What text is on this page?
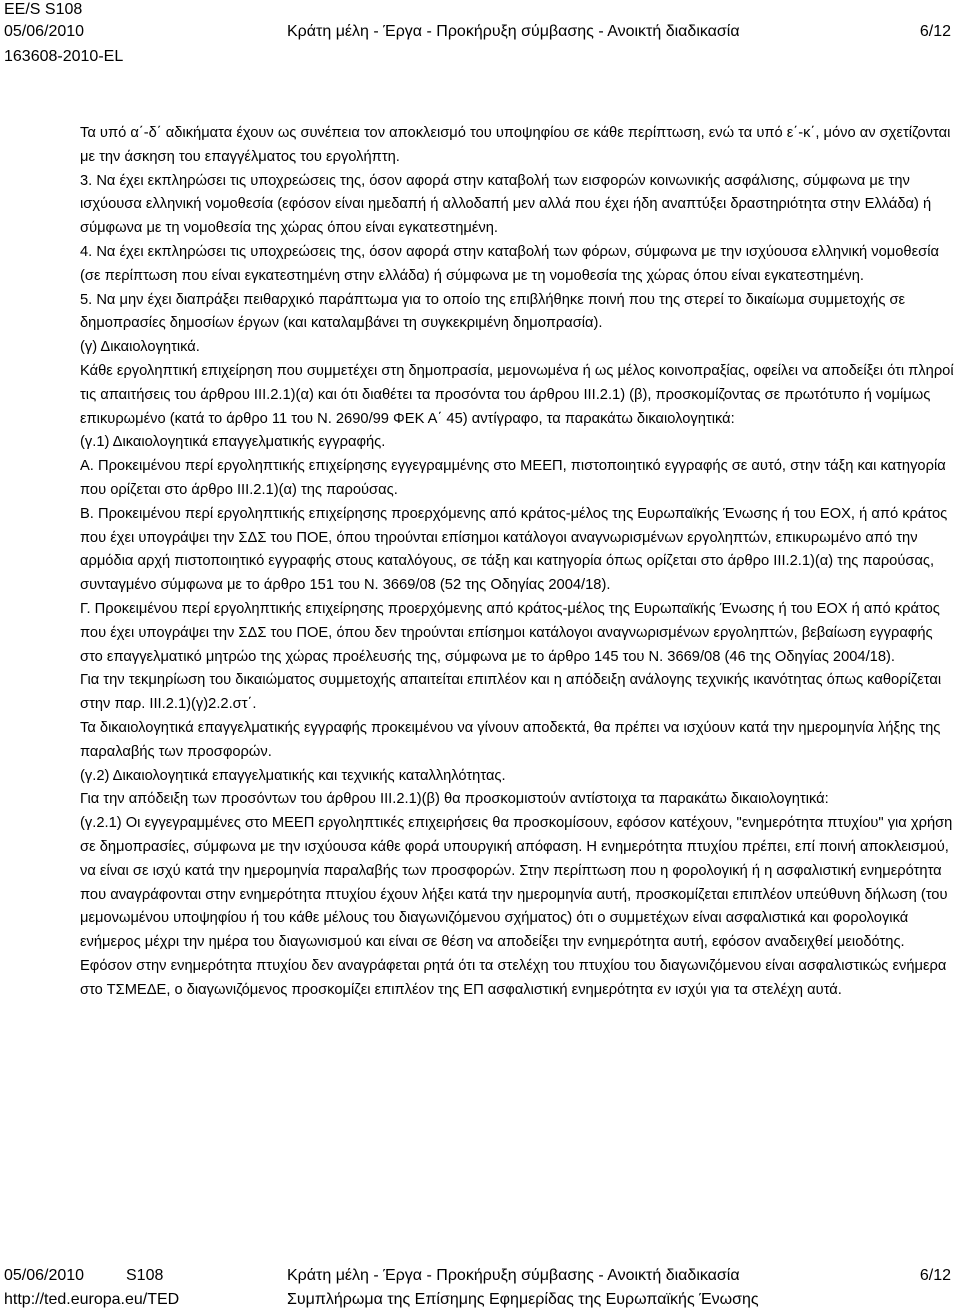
EE/S S108
05/06/2010
163608-2010-EL
Κράτη μέλη - Έργα - Προκήρυξη σύμβασης - Ανοικτή διαδικασία	6/12

Τα υπό α΄-δ΄ αδικήματα έχουν ως συνέπεια τον αποκλεισμό του υποψηφίου σε κάθε περίπτωση, ενώ τα υπό ε΄-κ΄, μόνο αν σχετίζονται με την άσκηση του επαγγέλματος του εργολήπτη.

3. Να έχει εκπληρώσει τις υποχρεώσεις της, όσον αφορά στην καταβολή των εισφορών κοινωνικής ασφάλισης, σύμφωνα με την ισχύουσα ελληνική νομοθεσία (εφόσον είναι ημεδαπή ή αλλοδαπή μεν αλλά που έχει ήδη αναπτύξει δραστηριότητα στην Ελλάδα) ή σύμφωνα με τη νομοθεσία της χώρας όπου είναι εγκατεστημένη.

4. Να έχει εκπληρώσει τις υποχρεώσεις της, όσον αφορά στην καταβολή των φόρων, σύμφωνα με την ισχύουσα ελληνική νομοθεσία (σε περίπτωση που είναι εγκατεστημένη στην ελλάδα) ή σύμφωνα με τη νομοθεσία της χώρας όπου είναι εγκατεστημένη.

5. Να μην έχει διαπράξει πειθαρχικό παράπτωμα για το οποίο της επιβλήθηκε ποινή που της στερεί το δικαίωμα συμμετοχής σε δημοπρασίες δημοσίων έργων (και καταλαμβάνει τη συγκεκριμένη δημοπρασία).

(γ) Δικαιολογητικά.

Κάθε εργοληπτική επιχείρηση που συμμετέχει στη δημοπρασία, μεμονωμένα ή ως μέλος κοινοπραξίας, οφείλει να αποδείξει ότι πληροί τις απαιτήσεις του άρθρου ΙΙΙ.2.1)(α) και ότι διαθέτει τα προσόντα του άρθρου ΙΙΙ.2.1) (β), προσκομίζοντας σε πρωτότυπο ή νομίμως επικυρωμένο (κατά το άρθρο 11 του Ν. 2690/99 ΦΕΚ Α΄ 45) αντίγραφο, τα παρακάτω δικαιολογητικά:

(γ.1) Δικαιολογητικά επαγγελματικής εγγραφής.

Α. Προκειμένου περί εργοληπτικής επιχείρησης εγγεγραμμένης στο ΜΕΕΠ, πιστοποιητικό εγγραφής σε αυτό, στην τάξη και κατηγορία που ορίζεται στο άρθρο ΙΙΙ.2.1)(α) της παρούσας.

Β. Προκειμένου περί εργοληπτικής επιχείρησης προερχόμενης από κράτος-μέλος της Ευρωπαϊκής Ένωσης ή του ΕΟΧ, ή από κράτος που έχει υπογράψει την ΣΔΣ του ΠΟΕ, όπου τηρούνται επίσημοι κατάλογοι αναγνωρισμένων εργοληπτών, επικυρωμένο από την αρμόδια αρχή πιστοποιητικό εγγραφής στους καταλόγους, σε τάξη και κατηγορία όπως ορίζεται στο άρθρο ΙΙΙ.2.1)(α) της παρούσας, συνταγμένο σύμφωνα με το άρθρο 151 του Ν. 3669/08 (52 της Οδηγίας 2004/18).

Γ. Προκειμένου περί εργοληπτικής επιχείρησης προερχόμενης από κράτος-μέλος της Ευρωπαϊκής Ένωσης ή του ΕΟΧ ή από κράτος που έχει υπογράψει την ΣΔΣ του ΠΟΕ, όπου δεν τηρούνται επίσημοι κατάλογοι αναγνωρισμένων εργοληπτών, βεβαίωση εγγραφής στο επαγγελματικό μητρώο της χώρας προέλευσής της, σύμφωνα με το άρθρο 145 του Ν. 3669/08 (46 της Οδηγίας 2004/18).

Για την τεκμηρίωση του δικαιώματος συμμετοχής απαιτείται επιπλέον και η απόδειξη ανάλογης τεχνικής ικανότητας όπως καθορίζεται στην παρ. ΙΙΙ.2.1)(γ)2.2.στ΄.

Τα δικαιολογητικά επαγγελματικής εγγραφής προκειμένου να γίνουν αποδεκτά, θα πρέπει να ισχύουν κατά την ημερομηνία λήξης της παραλαβής των προσφορών.

(γ.2) Δικαιολογητικά επαγγελματικής και τεχνικής καταλληλότητας.

Για την απόδειξη των προσόντων του άρθρου ΙΙΙ.2.1)(β) θα προσκομιστούν αντίστοιχα τα παρακάτω δικαιολογητικά:

(γ.2.1) Οι εγγεγραμμένες στο ΜΕΕΠ εργοληπτικές επιχειρήσεις θα προσκομίσουν, εφόσον κατέχουν, "ενημερότητα πτυχίου" για χρήση σε δημοπρασίες, σύμφωνα με την ισχύουσα κάθε φορά υπουργική απόφαση. Η ενημερότητα πτυχίου πρέπει, επί ποινή αποκλεισμού, να είναι σε ισχύ κατά την ημερομηνία παραλαβής των προσφορών. Στην περίπτωση που η φορολογική ή η ασφαλιστική ενημερότητα που αναγράφονται στην ενημερότητα πτυχίου έχουν λήξει κατά την ημερομηνία αυτή, προσκομίζεται επιπλέον υπεύθυνη δήλωση (του μεμονωμένου υποψηφίου ή του κάθε μέλους του διαγωνιζόμενου σχήματος) ότι ο συμμετέχων είναι ασφαλιστικά και φορολογικά ενήμερος μέχρι την ημέρα του διαγωνισμού και είναι σε θέση να αποδείξει την ενημερότητα αυτή, εφόσον αναδειχθεί μειοδότης. Εφόσον στην ενημερότητα πτυχίου δεν αναγράφεται ρητά ότι τα στελέχη του πτυχίου του διαγωνιζόμενου είναι ασφαλιστικώς ενήμερα στο ΤΣΜΕΔΕ, ο διαγωνιζόμενος προσκομίζει επιπλέον της ΕΠ ασφαλιστική ενημερότητα εν ισχύι για τα στελέχη αυτά.

05/06/2010	S108
http://ted.europa.eu/TED
Κράτη μέλη - Έργα - Προκήρυξη σύμβασης - Ανοικτή διαδικασία
Συμπλήρωμα της Επίσημης Εφημερίδας της Ευρωπαϊκής Ένωσης
6/12
